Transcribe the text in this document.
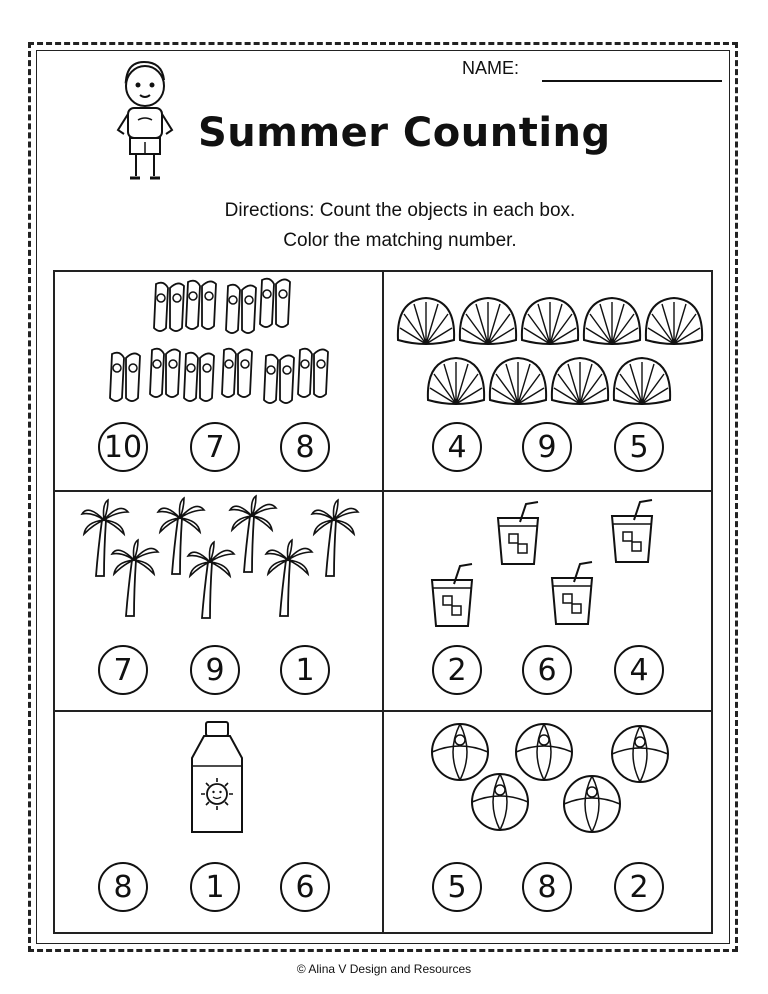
NAME:
Summer Counting
Directions: Count the objects in each box.
Color the matching number.
10	7	8	4	9	5
7	9	1	2	6	4
8	1	6	5	8	2
© Alina V Design and Resources
